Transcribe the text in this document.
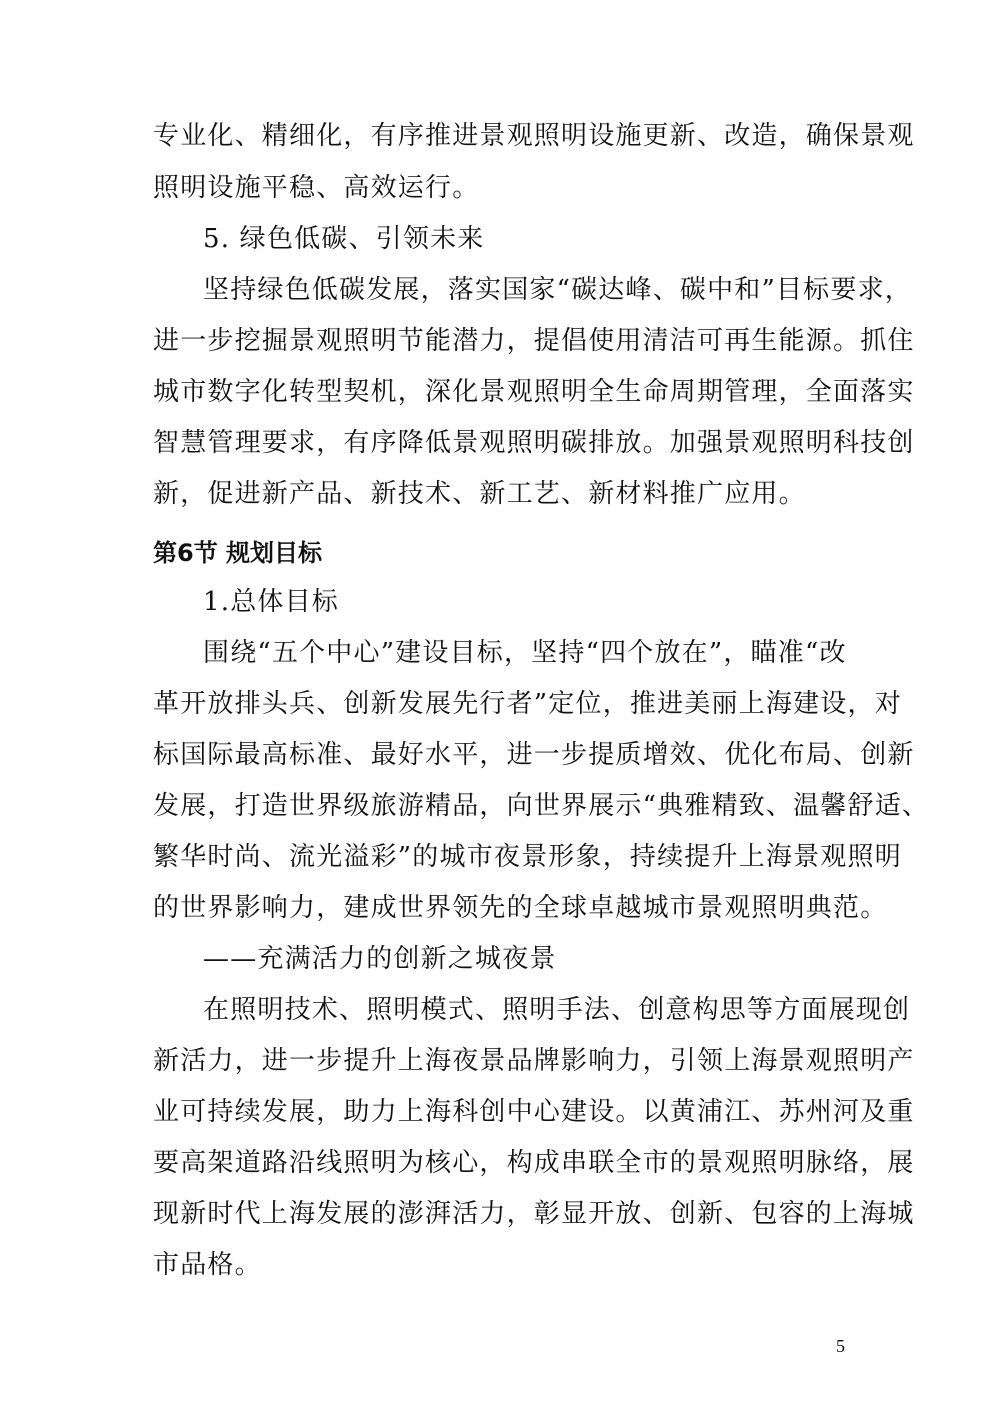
专业化、精细化，有序推进景观照明设施更新、改造，确保景观
照明设施平稳、高效运行。
5. 绿色低碳、引领未来
坚持绿色低碳发展，落实国家“碳达峰、碳中和”目标要求，
进一步挖掘景观照明节能潜力，提倡使用清洁可再生能源。抓住
城市数字化转型契机，深化景观照明全生命周期管理，全面落实
智慧管理要求，有序降低景观照明碳排放。加强景观照明科技创
新，促进新产品、新技术、新工艺、新材料推广应用。
第6节 规划目标
1.总体目标
围绕“五个中心”建设目标，坚持“四个放在”，瞄准“改
革开放排头兵、创新发展先行者”定位，推进美丽上海建设，对
标国际最高标准、最好水平，进一步提质增效、优化布局、创新
发展，打造世界级旅游精品，向世界展示“典雅精致、温馨舒适、
繁华时尚、流光溢彩”的城市夜景形象，持续提升上海景观照明
的世界影响力，建成世界领先的全球卓越城市景观照明典范。
——充满活力的创新之城夜景
在照明技术、照明模式、照明手法、创意构思等方面展现创
新活力，进一步提升上海夜景品牌影响力，引领上海景观照明产
业可持续发展，助力上海科创中心建设。以黄浦江、苏州河及重
要高架道路沿线照明为核心，构成串联全市的景观照明脉络，展
现新时代上海发展的澎湃活力，彰显开放、创新、包容的上海城
市品格。
5
